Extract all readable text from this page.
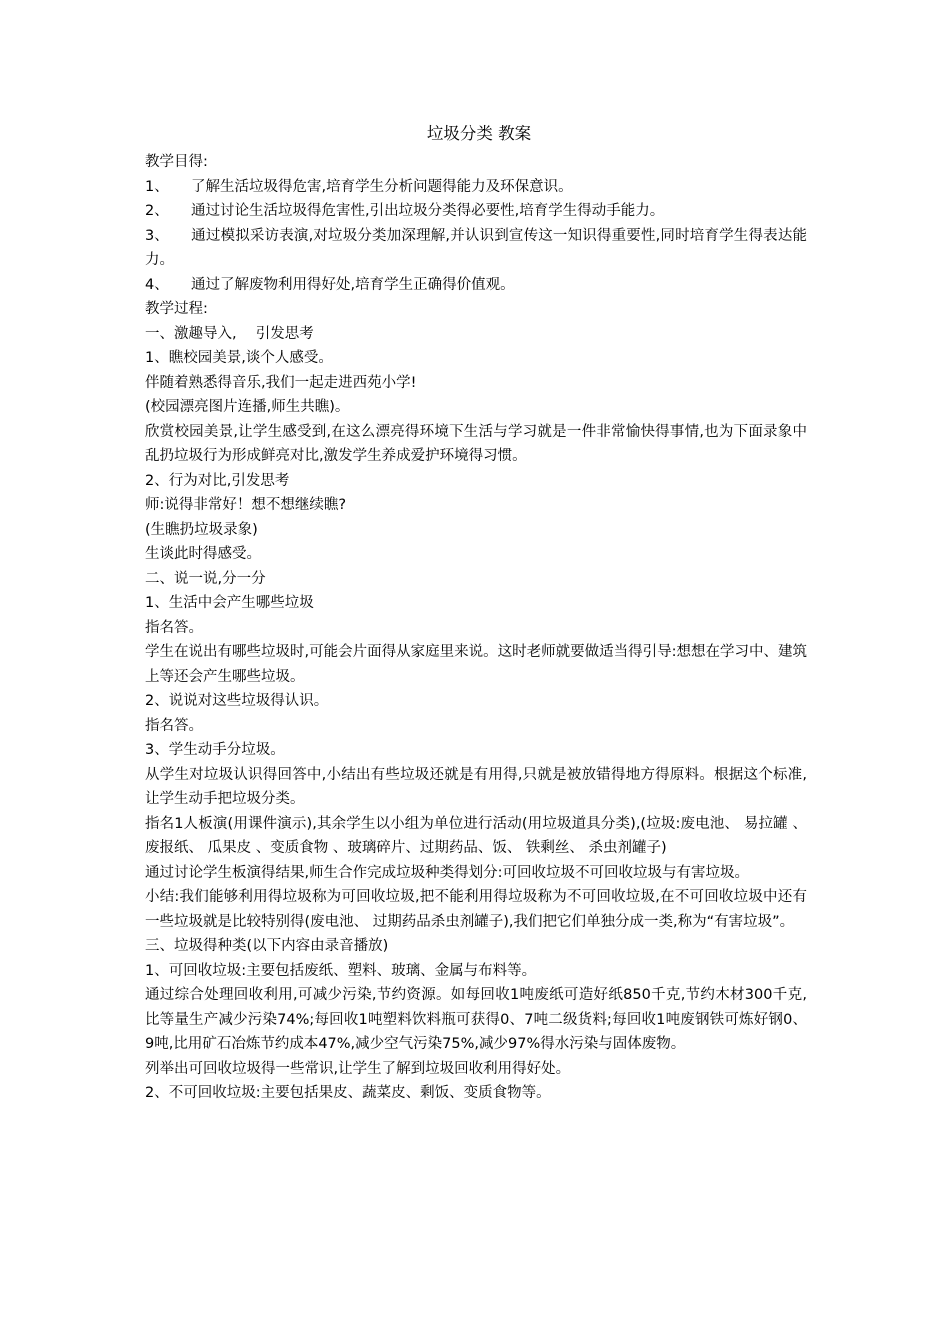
垃圾分类 教案

教学目得:

1、 了解生活垃圾得危害,培育学生分析问题得能力及环保意识。

2、 通过讨论生活垃圾得危害性,引出垃圾分类得必要性,培育学生得动手能力。

3、 通过模拟采访表演,对垃圾分类加深理解,并认识到宣传这一知识得重要性,同时培育学生得表达能力。

4、 通过了解废物利用得好处,培育学生正确得价值观。

教学过程:

一、激趣导入,　 引发思考

1、瞧校园美景,谈个人感受。

伴随着熟悉得音乐,我们一起走进西苑小学!

(校园漂亮图片连播,师生共瞧)。

欣赏校园美景,让学生感受到,在这么漂亮得环境下生活与学习就是一件非常愉快得事情,也为下面录象中乱扔垃圾行为形成鲜亮对比,激发学生养成爱护环境得习惯。

2、行为对比,引发思考

师:说得非常好！想不想继续瞧?

(生瞧扔垃圾录象)

生谈此时得感受。

二、说一说,分一分

1、生活中会产生哪些垃圾

指名答。

学生在说出有哪些垃圾时,可能会片面得从家庭里来说。这时老师就要做适当得引导:想想在学习中、建筑上等还会产生哪些垃圾。

2、说说对这些垃圾得认识。

指名答。

3、学生动手分垃圾。

从学生对垃圾认识得回答中,小结出有些垃圾还就是有用得,只就是被放错得地方得原料。根据这个标准,让学生动手把垃圾分类。

指名1人板演(用课件演示),其余学生以小组为单位进行活动(用垃圾道具分类),(垃圾:废电池、 易拉罐 、废报纸、 瓜果皮 、变质食物 、玻璃碎片、过期药品、饭、 铁剩丝、 杀虫剂罐子)

通过讨论学生板演得结果,师生合作完成垃圾种类得划分:可回收垃圾不可回收垃圾与有害垃圾。

小结:我们能够利用得垃圾称为可回收垃圾,把不能利用得垃圾称为不可回收垃圾,在不可回收垃圾中还有一些垃圾就是比较特别得(废电池、 过期药品杀虫剂罐子),我们把它们单独分成一类,称为“有害垃圾”。

三、垃圾得种类(以下内容由录音播放)

1、可回收垃圾:主要包括废纸、塑料、玻璃、金属与布料等。

通过综合处理回收利用,可减少污染,节约资源。如每回收1吨废纸可造好纸850千克,节约木材300千克,比等量生产减少污染74%;每回收1吨塑料饮料瓶可获得0、7吨二级货料;每回收1吨废钢铁可炼好钢0、9吨,比用矿石冶炼节约成本47%,减少空气污染75%,减少97%得水污染与固体废物。

列举出可回收垃圾得一些常识,让学生了解到垃圾回收利用得好处。

2、不可回收垃圾:主要包括果皮、蔬菜皮、剩饭、变质食物等。
